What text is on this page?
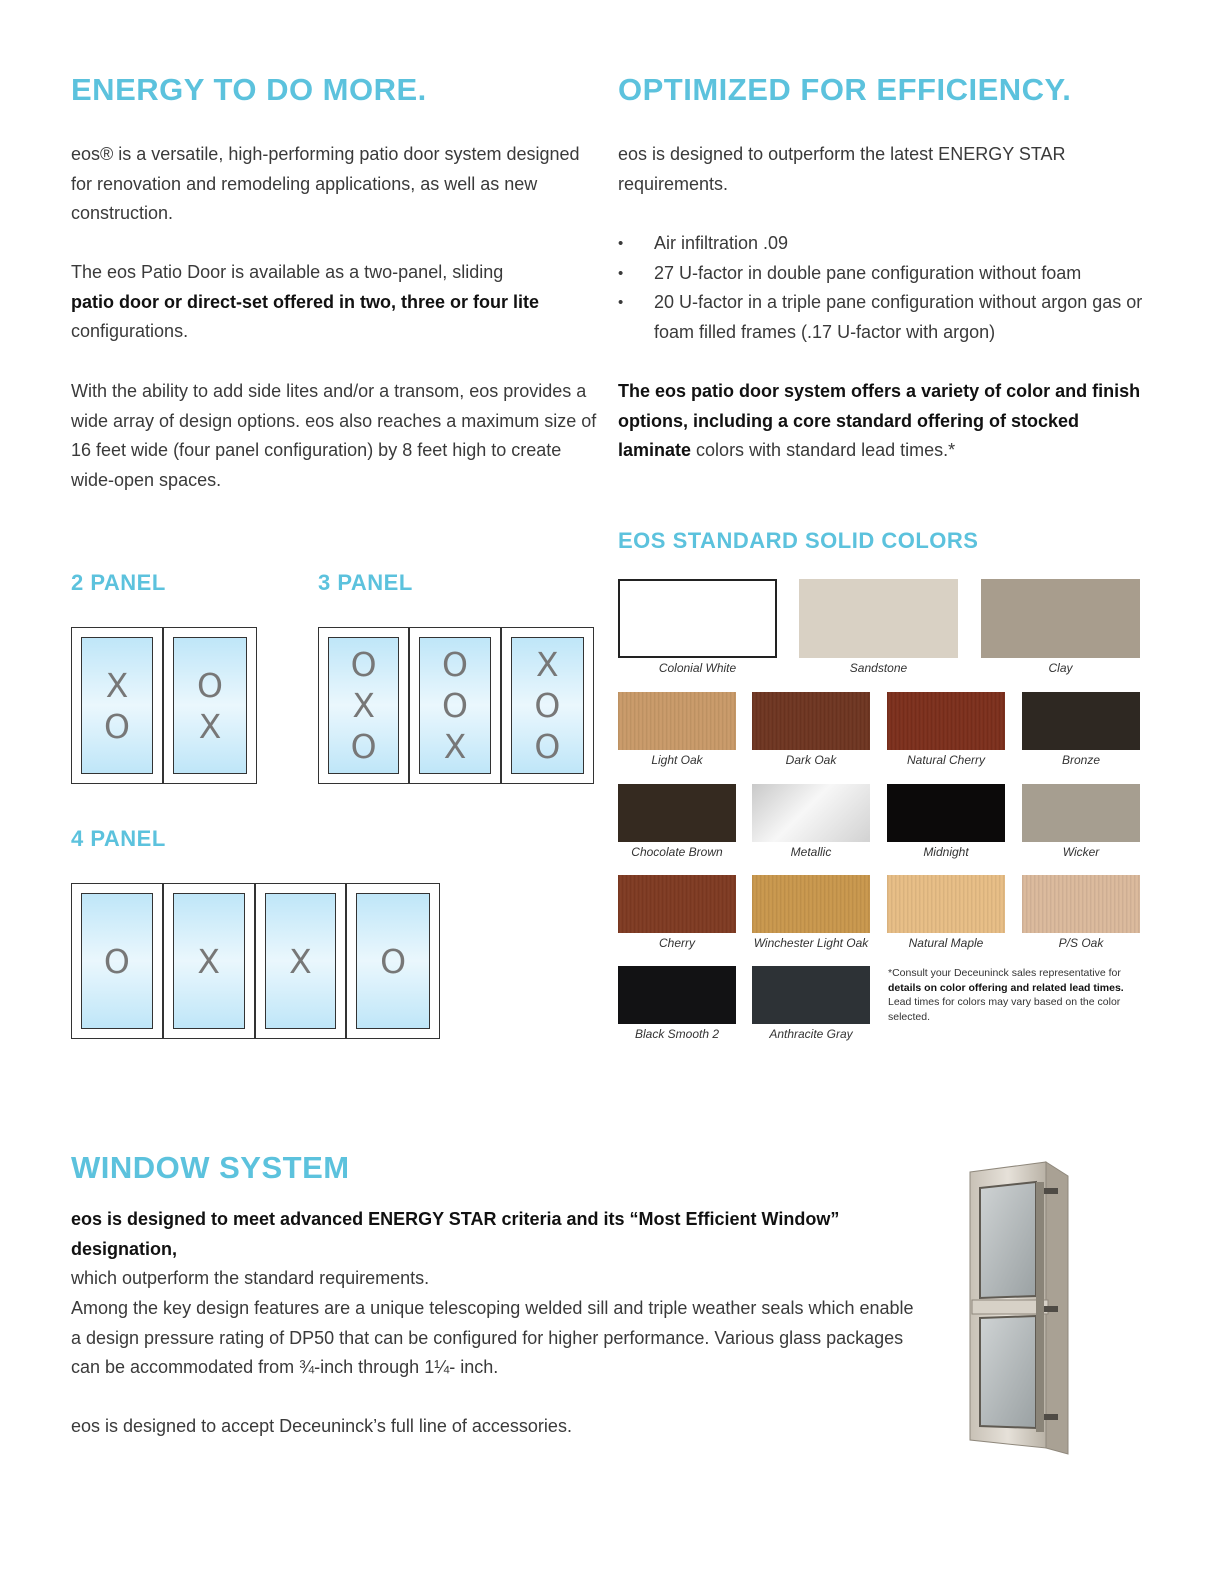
ENERGY TO DO MORE.

eos® is a versatile, high-performing patio door system designed for renovation and remodeling applications, as well as new construction.

The eos Patio Door is available as a two-panel, sliding
patio door or direct-set offered in two, three or four lite
configurations.

With the ability to add side lites and/or a transom, eos provides a wide array of design options. eos also reaches a maximum size of 16 feet wide (four panel configuration) by 8 feet high to create wide-open spaces.

2 PANEL	3 PANEL
4 PANEL
X
O
O
X
O
X
O
O
O
X
X
O
O
O X X O
OPTIMIZED FOR EFFICIENCY.

eos is designed to outperform the latest ENERGY STAR requirements.

• Air infiltration .09
• 27 U-factor in double pane configuration without foam
• 20 U-factor in a triple pane configuration without argon gas or foam filled frames (.17 U-factor with argon)

The eos patio door system offers a variety of color and finish options, including a core standard offering of stocked laminate colors with standard lead times.*

EOS STANDARD SOLID COLORS
Colonial White	Sandstone	Clay
Light Oak	Dark Oak	Natural Cherry	Bronze
Chocolate Brown	Metallic	Midnight	Wicker
Cherry	Winchester Light Oak	Natural Maple	P/S Oak
Black Smooth 2	Anthracite Gray

*Consult your Deceuninck sales representative for details on color offering and related lead times. Lead times for colors may vary based on the color selected.

WINDOW SYSTEM

eos is designed to meet advanced ENERGY STAR criteria and its “Most Efficient Window” designation,
which outperform the standard requirements.

Among the key design features are a unique telescoping welded sill and triple weather seals which enable a design pressure rating of DP50 that can be configured for higher performance. Various glass packages can be accommodated from ¾-inch through 1¼- inch.

eos is designed to accept Deceuninck’s full line of accessories.
